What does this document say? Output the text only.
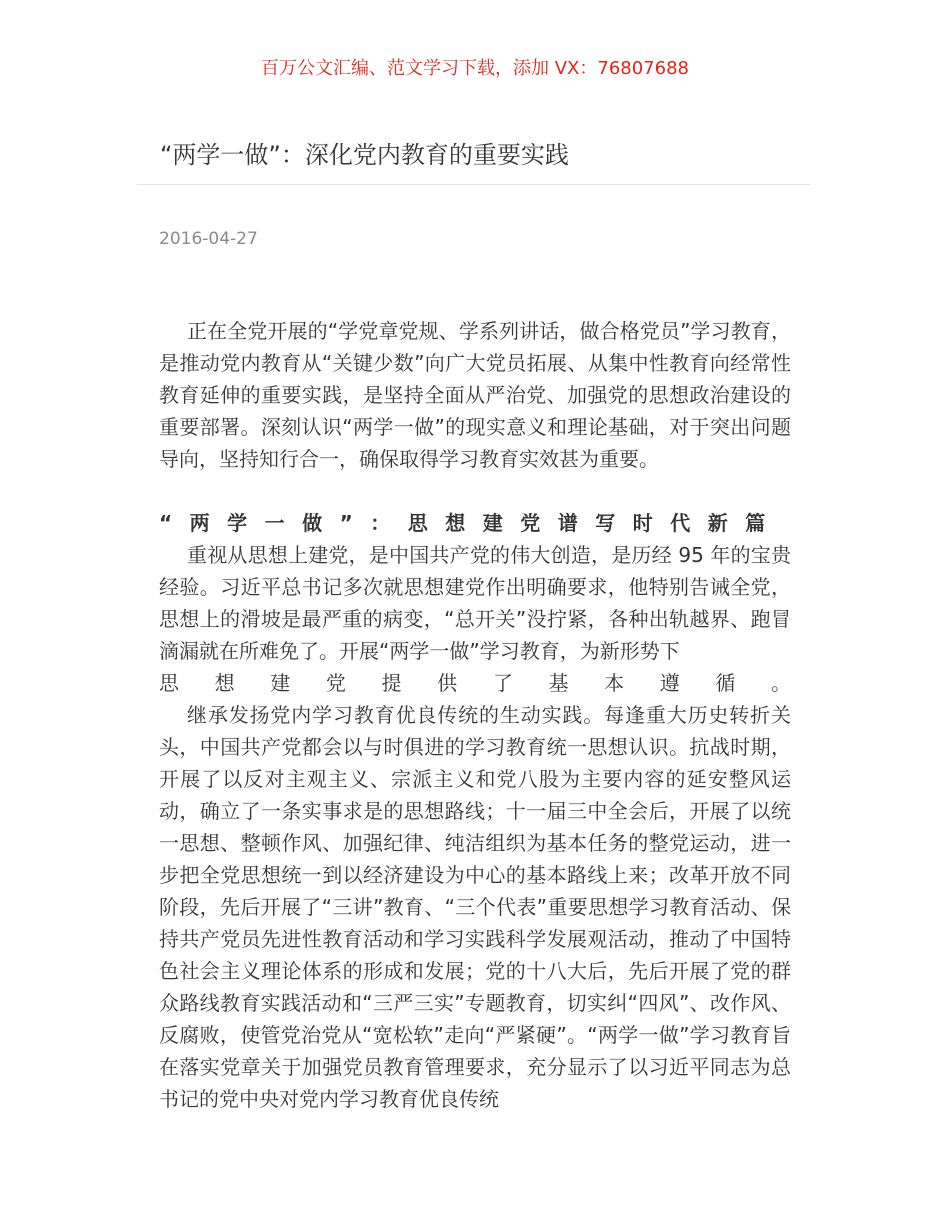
百万公文汇编、范文学习下载，添加 VX：76807688
“两学一做”：深化党内教育的重要实践
2016-04-27

正在全党开展的“学党章党规、学系列讲话，做合格党员”学习教育，是推动党内教育从“关键少数”向广大党员拓展、从集中性教育向经常性教育延伸的重要实践，是坚持全面从严治党、加强党的思想政治建设的重要部署。深刻认识“两学一做”的现实意义和理论基础，对于突出问题导向，坚持知行合一，确保取得学习教育实效甚为重要。

“两学一做”：思想建党谱写时代新篇

重视从思想上建党，是中国共产党的伟大创造，是历经 95 年的宝贵经验。习近平总书记多次就思想建党作出明确要求，他特别告诫全党，思想上的滑坡是最严重的病变，“总开关”没拧紧，各种出轨越界、跑冒滴漏就在所难免了。开展“两学一做”学习教育，为新形势下

思想建党提供了基本遵循。

继承发扬党内学习教育优良传统的生动实践。每逢重大历史转折关头，中国共产党都会以与时俱进的学习教育统一思想认识。抗战时期，开展了以反对主观主义、宗派主义和党八股为主要内容的延安整风运动，确立了一条实事求是的思想路线；十一届三中全会后，开展了以统一思想、整顿作风、加强纪律、纯洁组织为基本任务的整党运动，进一步把全党思想统一到以经济建设为中心的基本路线上来；改革开放不同阶段，先后开展了“三讲”教育、“三个代表”重要思想学习教育活动、保持共产党员先进性教育活动和学习实践科学发展观活动，推动了中国特色社会主义理论体系的形成和发展；党的十八大后，先后开展了党的群众路线教育实践活动和“三严三实”专题教育，切实纠“四风”、改作风、反腐败，使管党治党从“宽松软”走向“严紧硬”。“两学一做”学习教育旨在落实党章关于加强党员教育管理要求，充分显示了以习近平同志为总书记的党中央对党内学习教育优良传统
